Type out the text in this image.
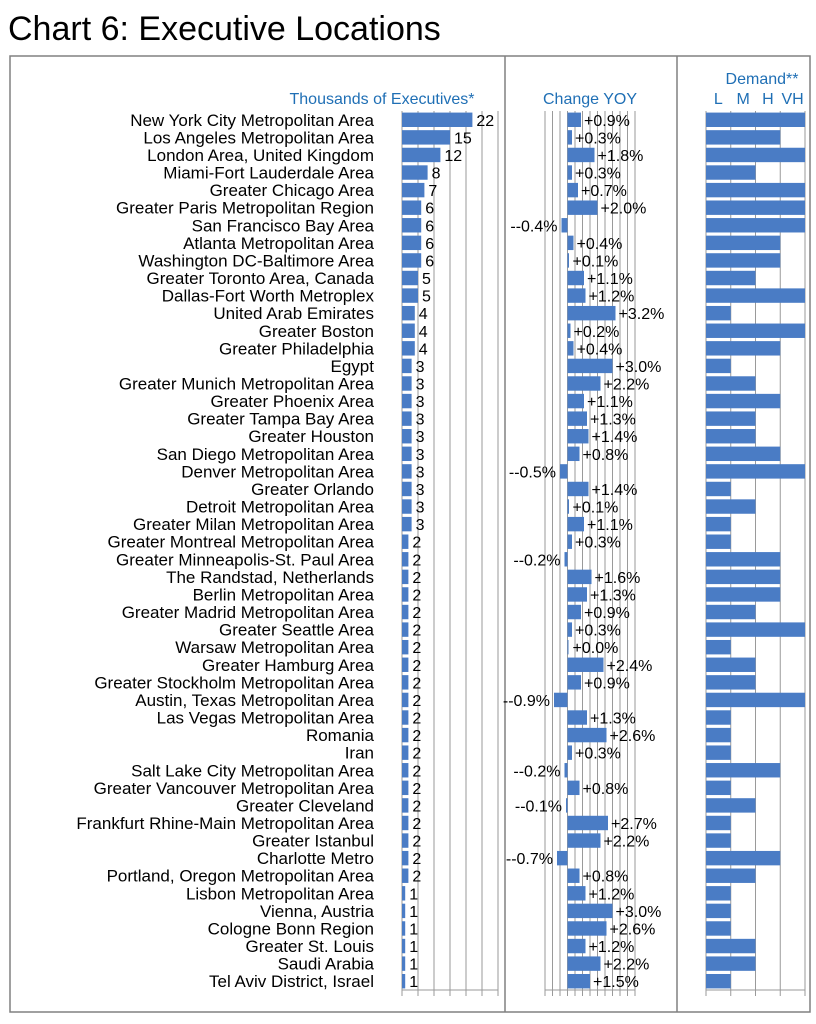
Chart 6: Executive Locations
New York City Metropolitan Area
Los Angeles Metropolitan Area
London Area, United Kingdom
Miami-Fort Lauderdale Area
Greater Chicago Area
Greater Paris Metropolitan Region
San Francisco Bay Area
Atlanta Metropolitan Area
Washington DC-Baltimore Area
Greater Toronto Area, Canada
Dallas-Fort Worth Metroplex
United Arab Emirates
Greater Boston
Greater Philadelphia
Egypt
Greater Munich Metropolitan Area
Greater Phoenix Area
Greater Tampa Bay Area
Greater Houston
San Diego Metropolitan Area
Denver Metropolitan Area
Greater Orlando
Detroit Metropolitan Area
Greater Milan Metropolitan Area
Greater Montreal Metropolitan Area
Greater Minneapolis-St. Paul Area
The Randstad, Netherlands
Berlin Metropolitan Area
Greater Madrid Metropolitan Area
Greater Seattle Area
Warsaw Metropolitan Area
Greater Hamburg Area
Greater Stockholm Metropolitan Area
Austin, Texas Metropolitan Area
Las Vegas Metropolitan Area
Romania
Iran
Salt Lake City Metropolitan Area
Greater Vancouver Metropolitan Area
Greater Cleveland
Frankfurt Rhine-Main Metropolitan Area
Greater Istanbul
Charlotte Metro
Portland, Oregon Metropolitan Area
Lisbon Metropolitan Area
Vienna, Austria
Cologne Bonn Region
Greater St. Louis
Saudi Arabia
Tel Aviv District, Israel
22
15
12
8
7
6
6
6
6
5
5
4
4
4
3
3
3
3
3
3
3
3
3
3
2
2
2
2
2
2
2
2
2
2
2
2
2
2
2
2
2
2
2
2
1
1
1
1
1
1
+0.9%
+0.3%
+1.8%
+0.3%
+0.7%
+2.0%
--0.4%
+0.4%
+0.1%
+1.1%
+1.2%
+3.2%
+0.2%
+0.4%
+3.0%
+2.2%
+1.1%
+1.3%
+1.4%
+0.8%
--0.5%
+1.4%
+0.1%
+1.1%
+0.3%
--0.2%
+1.6%
+1.3%
+0.9%
+0.3%
+0.0%
+2.4%
+0.9%
--0.9%
+1.3%
+2.6%
+0.3%
--0.2%
+0.8%
--0.1%
+2.7%
+2.2%
--0.7%
+0.8%
+1.2%
+3.0%
+2.6%
+1.2%
+2.2%
+1.5%
L M H VH
Thousands of Executives*	Change YOY
Demand**
